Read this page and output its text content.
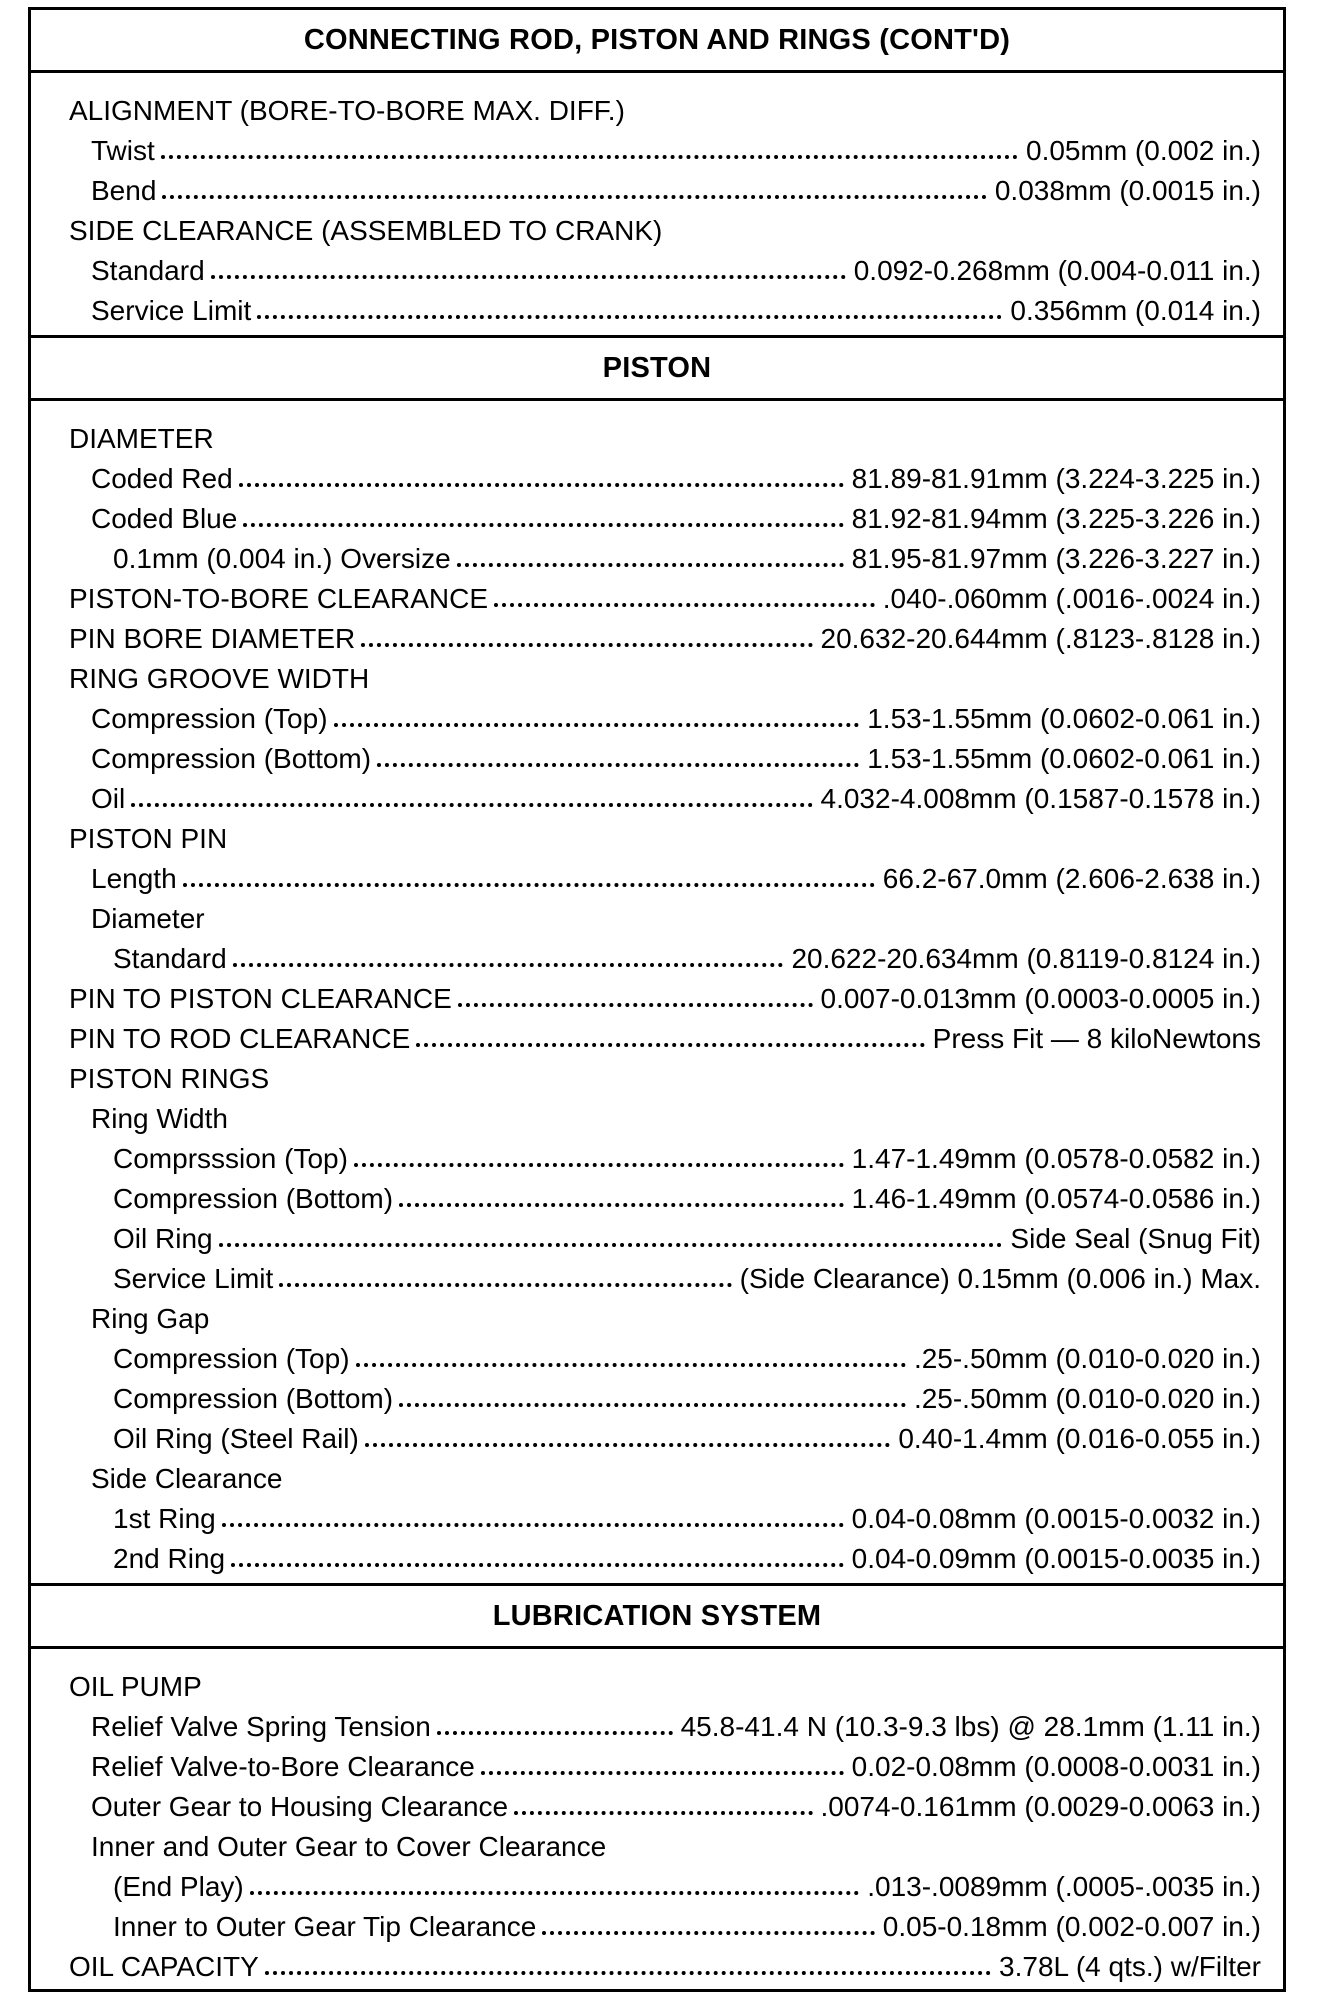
CONNECTING ROD, PISTON AND RINGS (CONT'D)
ALIGNMENT (BORE-TO-BORE MAX. DIFF.)
Twist	0.05mm (0.002 in.)
Bend	0.038mm (0.0015 in.)
SIDE CLEARANCE (ASSEMBLED TO CRANK)
Standard	0.092-0.268mm (0.004-0.011 in.)
Service Limit	0.356mm (0.014 in.)
PISTON
DIAMETER
Coded Red	81.89-81.91mm (3.224-3.225 in.)
Coded Blue	81.92-81.94mm (3.225-3.226 in.)
0.1mm (0.004 in.) Oversize	81.95-81.97mm (3.226-3.227 in.)
PISTON-TO-BORE CLEARANCE	.040-.060mm (.0016-.0024 in.)
PIN BORE DIAMETER	20.632-20.644mm (.8123-.8128 in.)
RING GROOVE WIDTH
Compression (Top)	1.53-1.55mm (0.0602-0.061 in.)
Compression (Bottom)	1.53-1.55mm (0.0602-0.061 in.)
Oil	4.032-4.008mm (0.1587-0.1578 in.)
PISTON PIN
Length	66.2-67.0mm (2.606-2.638 in.)
Diameter
Standard	20.622-20.634mm (0.8119-0.8124 in.)
PIN TO PISTON CLEARANCE	0.007-0.013mm (0.0003-0.0005 in.)
PIN TO ROD CLEARANCE	Press Fit — 8 kiloNewtons
PISTON RINGS
Ring Width
Comprsssion (Top)	1.47-1.49mm (0.0578-0.0582 in.)
Compression (Bottom)	1.46-1.49mm (0.0574-0.0586 in.)
Oil Ring	Side Seal (Snug Fit)
Service Limit	(Side Clearance) 0.15mm (0.006 in.) Max.
Ring Gap
Compression (Top)	.25-.50mm (0.010-0.020 in.)
Compression (Bottom)	.25-.50mm (0.010-0.020 in.)
Oil Ring (Steel Rail)	0.40-1.4mm (0.016-0.055 in.)
Side Clearance
1st Ring	0.04-0.08mm (0.0015-0.0032 in.)
2nd Ring	0.04-0.09mm (0.0015-0.0035 in.)
LUBRICATION SYSTEM
OIL PUMP
Relief Valve Spring Tension	45.8-41.4 N (10.3-9.3 lbs) @ 28.1mm (1.11 in.)
Relief Valve-to-Bore Clearance	0.02-0.08mm (0.0008-0.0031 in.)
Outer Gear to Housing Clearance	.0074-0.161mm (0.0029-0.0063 in.)
Inner and Outer Gear to Cover Clearance
(End Play)	.013-.0089mm (.0005-.0035 in.)
Inner to Outer Gear Tip Clearance	0.05-0.18mm (0.002-0.007 in.)
OIL CAPACITY	3.78L (4 qts.) w/Filter
